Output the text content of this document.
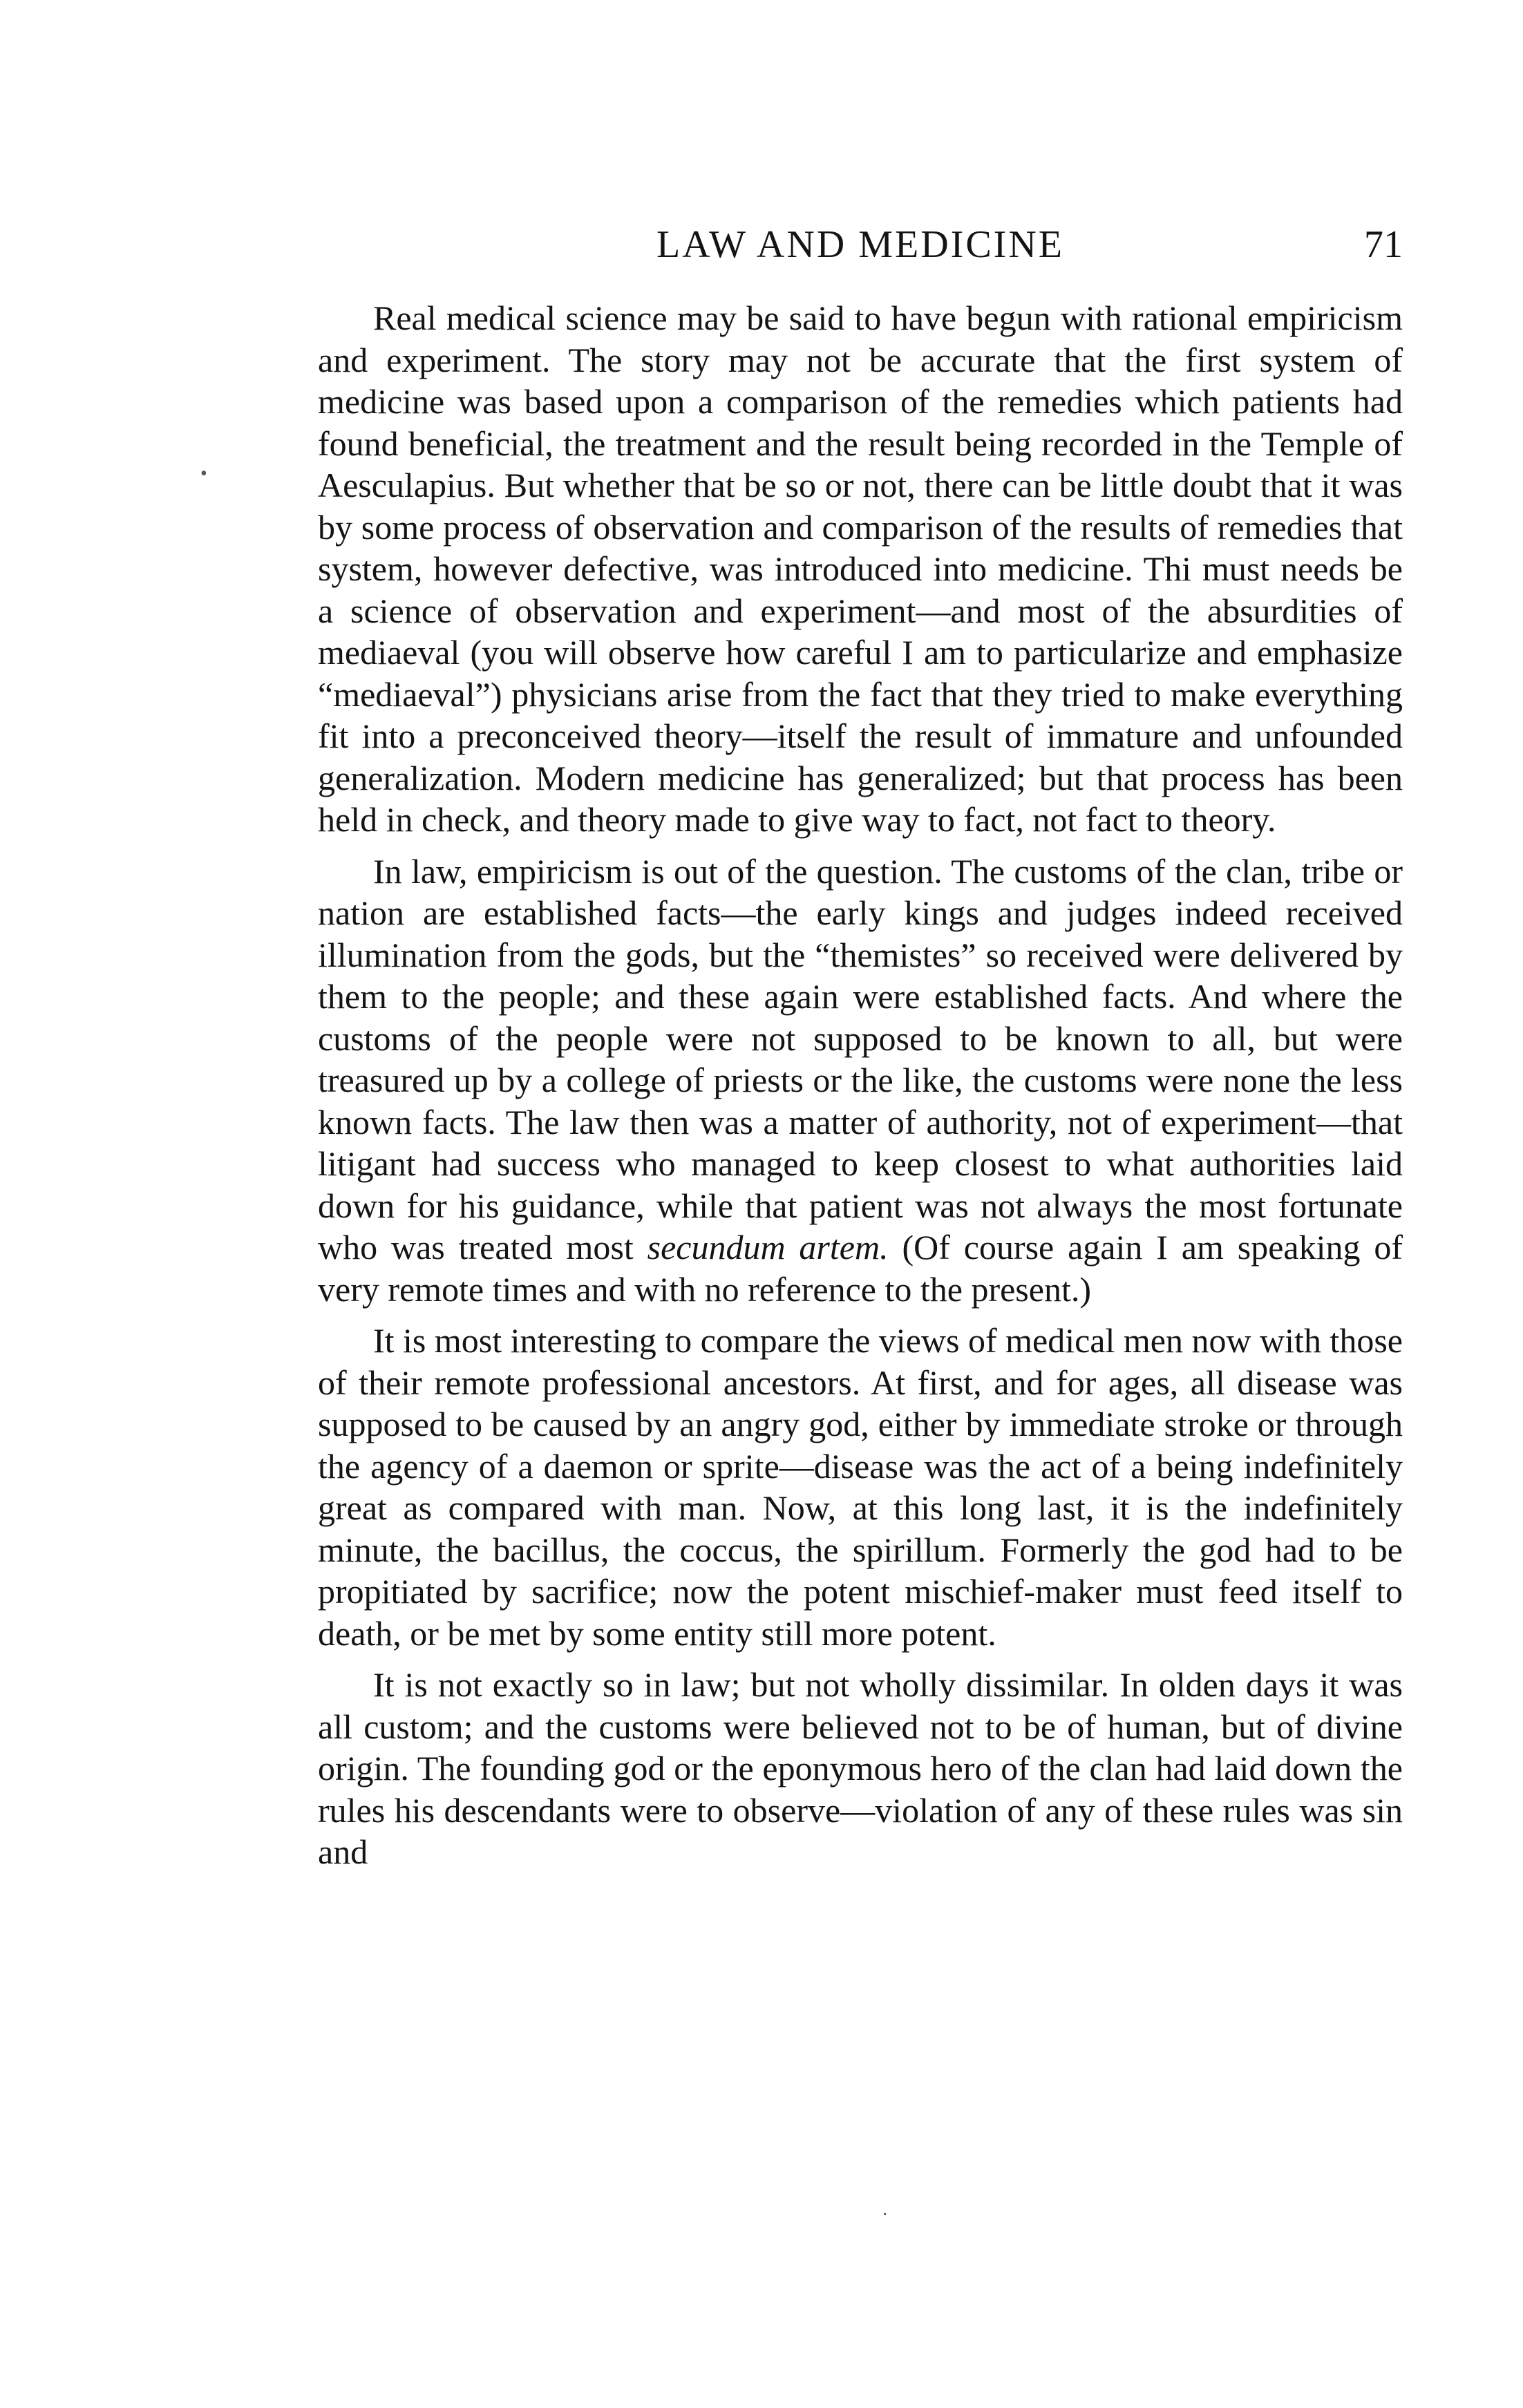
LAW AND MEDICINE	71

Real medical science may be said to have begun with rational empiricism and experiment. The story may not be accurate that the first system of medicine was based upon a comparison of the remedies which patients had found beneficial, the treatment and the result being recorded in the Temple of Aesculapius. But whether that be so or not, there can be little doubt that it was by some process of observation and comparison of the results of remedies that system, however defective, was introduced into medicine. Thi must needs be a science of observation and experiment—and most of the absurdities of mediaeval (you will observe how careful I am to particularize and emphasize “mediaeval”) physicians arise from the fact that they tried to make everything fit into a preconceived theory—itself the result of immature and unfounded generalization. Modern medicine has generalized; but that process has been held in check, and theory made to give way to fact, not fact to theory.

In law, empiricism is out of the question. The customs of the clan, tribe or nation are established facts—the early kings and judges indeed received illumination from the gods, but the “themistes” so received were delivered by them to the people; and these again were established facts. And where the customs of the people were not supposed to be known to all, but were treasured up by a college of priests or the like, the customs were none the less known facts. The law then was a matter of authority, not of experiment—that litigant had success who managed to keep closest to what authorities laid down for his guidance, while that patient was not always the most fortunate who was treated most secundum artem. (Of course again I am speaking of very remote times and with no reference to the present.)

It is most interesting to compare the views of medical men now with those of their remote professional ancestors. At first, and for ages, all disease was supposed to be caused by an angry god, either by immediate stroke or through the agency of a daemon or sprite—disease was the act of a being indefinitely great as compared with man. Now, at this long last, it is the indefinitely minute, the bacillus, the coccus, the spirillum. Formerly the god had to be propitiated by sacrifice; now the potent mischief-maker must feed itself to death, or be met by some entity still more potent.

It is not exactly so in law; but not wholly dissimilar. In olden days it was all custom; and the customs were believed not to be of human, but of divine origin. The founding god or the eponymous hero of the clan had laid down the rules his descendants were to observe—violation of any of these rules was sin and

•
·
